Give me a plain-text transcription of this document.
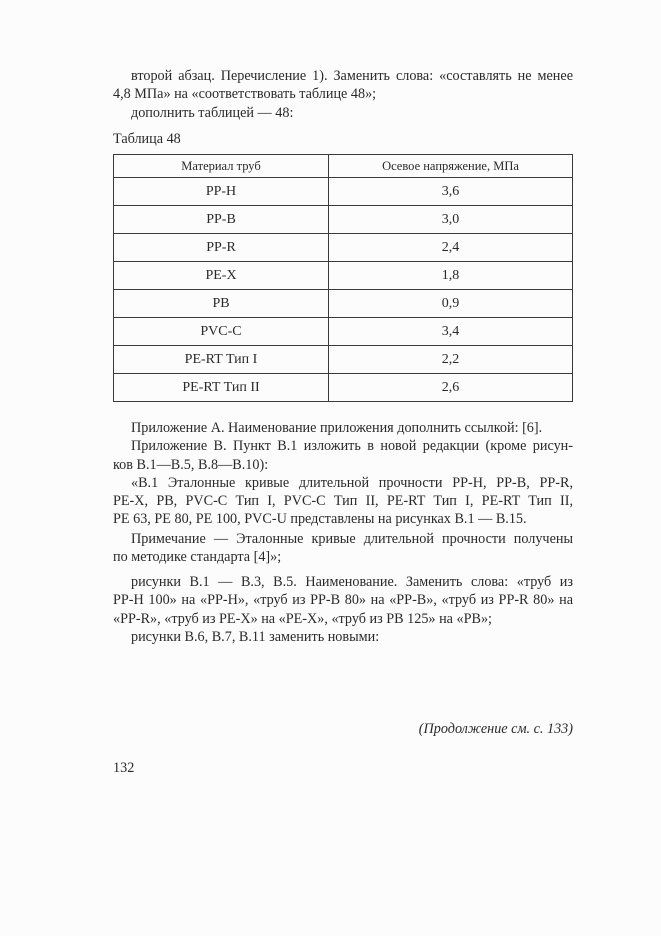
второй абзац. Перечисление 1). Заменить слова: «составлять не менее
4,8 МПа» на «соответствовать таблице 48»;
дополнить таблицей — 48:
Таблица 48
Материал труб	Осевое напряжение, МПа
PP-H	3,6
PP-B	3,0
PP-R	2,4
PE-X	1,8
PB	0,9
PVC-C	3,4
PE-RT Тип I	2,2
PE-RT Тип II	2,6
Приложение А. Наименование приложения дополнить ссылкой: [6].
Приложение В. Пункт В.1 изложить в новой редакции (кроме рисун-
ков В.1—В.5, В.8—В.10):
«В.1 Эталонные кривые длительной прочности PP-H, PP-B, PP-R,
PE-X, PB, PVC-C Тип I, PVC-C Тип II, PE-RT Тип I, PE-RT Тип II,
PE 63, PE 80, PE 100, PVC-U представлены на рисунках В.1 — В.15.
Примечание — Эталонные кривые длительной прочности получены
по методике стандарта [4]»;
рисунки В.1 — В.3, В.5. Наименование. Заменить слова: «труб из
PP-H 100» на «PP-H», «труб из PP-B 80» на «PP-B», «труб из PP-R 80» на
«PP-R», «труб из PE-X» на «PE-X», «труб из PB 125» на «PB»;
рисунки В.6, В.7, В.11 заменить новыми:
(Продолжение см. с. 133)
132
